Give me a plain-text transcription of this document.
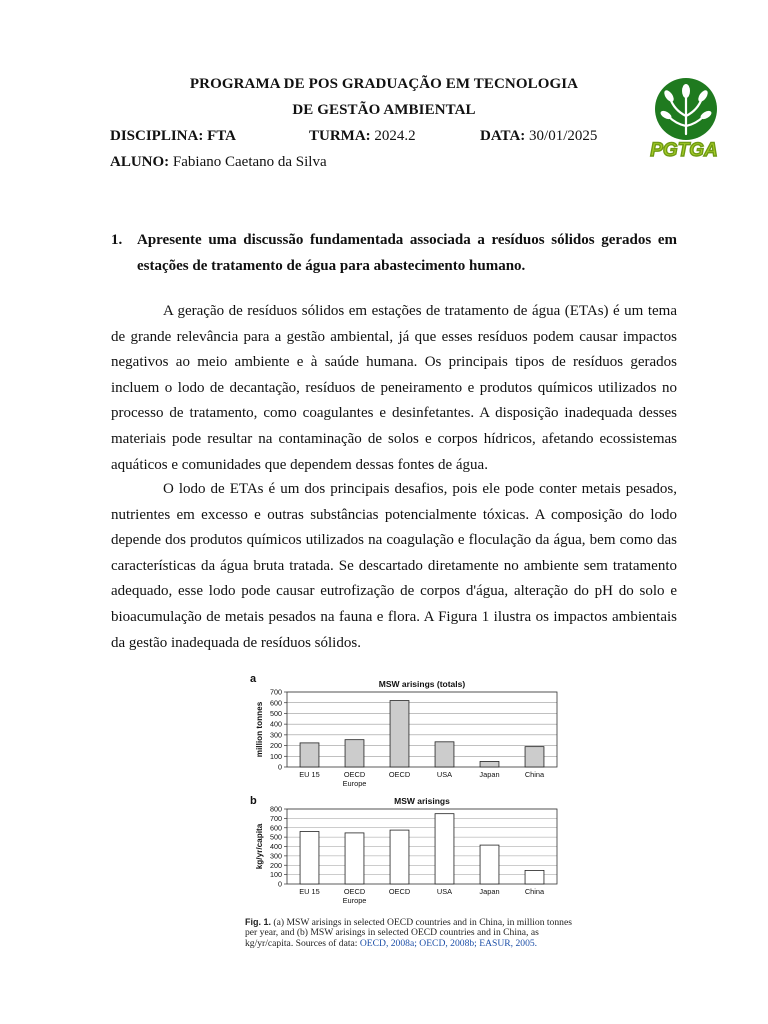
PROGRAMA DE POS GRADUAÇÃO EM TECNOLOGIA
DE GESTÃO AMBIENTAL
DISCIPLINA: FTA	TURMA: 2024.2	DATA: 30/01/2025
ALUNO: Fabiano Caetano da Silva
PGTGA
1. Apresente uma discussão fundamentada associada a resíduos sólidos gerados em estações de tratamento de água para abastecimento humano.
A geração de resíduos sólidos em estações de tratamento de água (ETAs) é um tema de grande relevância para a gestão ambiental, já que esses resíduos podem causar impactos negativos ao meio ambiente e à saúde humana. Os principais tipos de resíduos gerados incluem o lodo de decantação, resíduos de peneiramento e produtos químicos utilizados no processo de tratamento, como coagulantes e desinfetantes. A disposição inadequada desses materiais pode resultar na contaminação de solos e corpos hídricos, afetando ecossistemas aquáticos e comunidades que dependem dessas fontes de água.
O lodo de ETAs é um dos principais desafios, pois ele pode conter metais pesados, nutrientes em excesso e outras substâncias potencialmente tóxicas. A composição do lodo depende dos produtos químicos utilizados na coagulação e floculação da água, bem como das características da água bruta tratada. Se descartado diretamente no ambiente sem tratamento adequado, esse lodo pode causar eutrofização de corpos d'água, alteração do pH do solo e bioacumulação de metais pesados na fauna e flora. A Figura 1 ilustra os impactos ambientais da gestão inadequada de resíduos sólidos.
a	MSW arisings (totals)
0
100
200
300
400
500
600
700
million tonnes
EU 15	OECD
Europe
OECD	USA	Japan	China
b	MSW arisings
0
100
200
300
400
500
600
700
800
kg/yr/capita
EU 15	OECD
Europe
OECD	USA	Japan	China
Fig. 1. (a) MSW arisings in selected OECD countries and in China, in million tonnes per year, and (b) MSW arisings in selected OECD countries and in China, as kg/yr/capita. Sources of data: OECD, 2008a; OECD, 2008b; EASUR, 2005.
